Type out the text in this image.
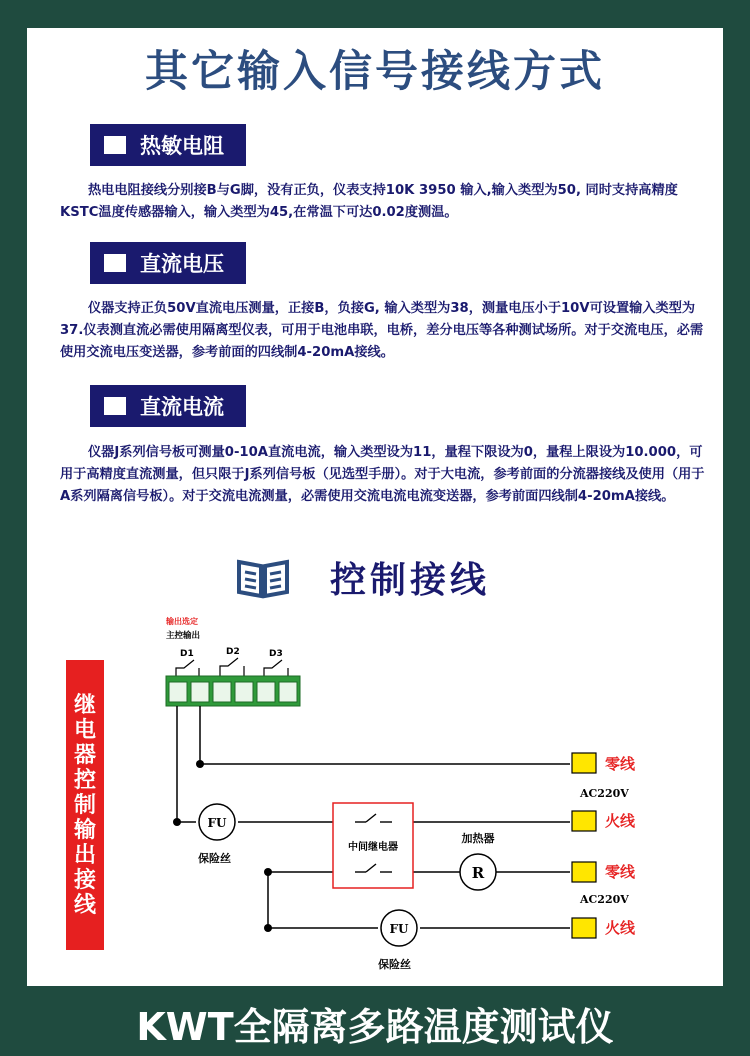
其它输入信号接线方式
热敏电阻
热电电阻接线分别接B与G脚，没有正负，仪表支持10K 3950 输入,输入类型为50, 同时支持高精度KSTC温度传感器输入，输入类型为45,在常温下可达0.02度测温。
直流电压
仪器支持正负50V直流电压测量，正接B，负接G, 输入类型为38，测量电压小于10V可设置输入类型为37.仪表测直流必需使用隔离型仪表，可用于电池串联，电桥，差分电压等各种测试场所。对于交流电压，必需使用交流电压变送器，参考前面的四线制4-20mA接线。
直流电流
仪器J系列信号板可测量0-10A直流电流，输入类型设为11，量程下限设为0，量程上限设为10.000，可用于高精度直流测量，但只限于J系列信号板（见选型手册）。对于大电流，参考前面的分流器接线及使用（用于A系列隔离信号板）。对于交流电流测量，必需使用交流电流电流变送器，参考前面四线制4-20mA接线。
控制接线
继
电
器
控
制
输
出
接
线
输出选定
主控输出
D1	D2	D3
FU
保险丝
中间继电器
加热器
R
FU
保险丝
零线
AC220V
火线
零线
AC220V
火线
KWT全隔离多路温度测试仪
